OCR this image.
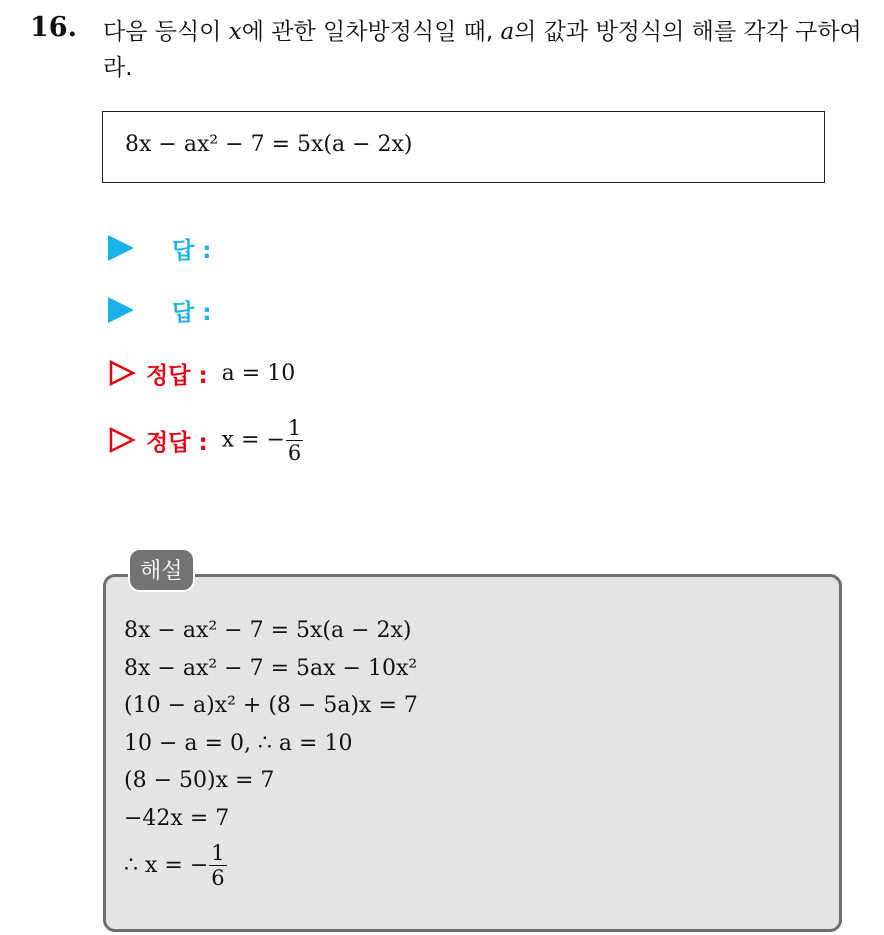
16. 다음 등식이 x에 관한 일차방정식일 때, a의 값과 방정식의 해를 각각 구하여라.
8x − ax² − 7 = 5x(a − 2x)
답 :
답 :
정답 : a = 10
정답 : x = − $\frac{1}{6}$
해설
8x − ax² − 7 = 5x(a − 2x)
8x − ax² − 7 = 5ax − 10x²
(10 − a)x² + (8 − 5a)x = 7
10 − a = 0, ∴ a = 10
(8 − 50)x = 7
−42x = 7
∴ x = − $\frac{1}{6}$
